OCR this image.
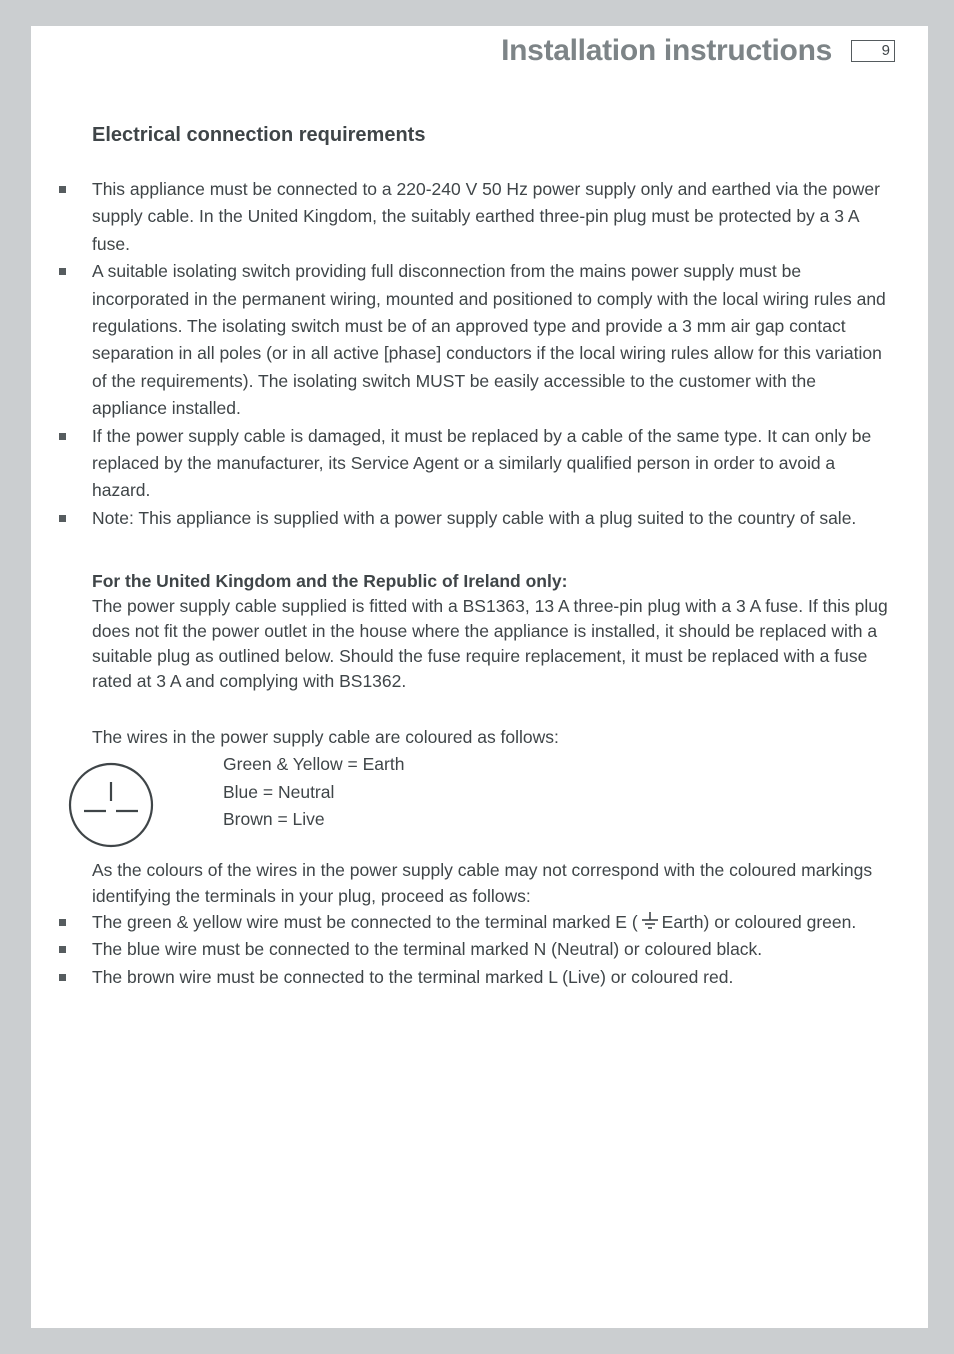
Installation instructions	9
Electrical connection requirements
This appliance must be connected to a 220-240 V 50 Hz power supply only and earthed via the power supply cable. In the United Kingdom, the suitably earthed three-pin plug must be protected by a 3 A fuse.
A suitable isolating switch providing full disconnection from the mains power supply must be incorporated in the permanent wiring, mounted and positioned to comply with the local wiring rules and regulations. The isolating switch must be of an approved type and provide a 3 mm air gap contact separation in all poles (or in all active [phase] conductors if the local wiring rules allow for this variation of the requirements). The isolating switch MUST be easily accessible to the customer with the appliance installed.
If the power supply cable is damaged, it must be replaced by a cable of the same type. It can only be replaced by the manufacturer, its Service Agent or a similarly qualified person in order to avoid a hazard.
Note: This appliance is supplied with a power supply cable with a plug suited to the country of sale.
For the United Kingdom and the Republic of Ireland only:
The power supply cable supplied is fitted with a BS1363, 13 A three-pin plug with a 3 A fuse. If this plug does not fit the power outlet in the house where the appliance is installed, it should be replaced with a suitable plug as outlined below. Should the fuse require replacement, it must be replaced with a fuse rated at 3 A and complying with BS1362.
The wires in the power supply cable are coloured as follows:
Green & Yellow = Earth
Blue = Neutral
Brown = Live
As the colours of the wires in the power supply cable may not correspond with the coloured markings identifying the terminals in your plug, proceed as follows:
The green & yellow wire must be connected to the terminal marked E ( Earth) or coloured green.
The blue wire must be connected to the terminal marked N (Neutral) or coloured black.
The brown wire must be connected to the terminal marked L (Live) or coloured red.
